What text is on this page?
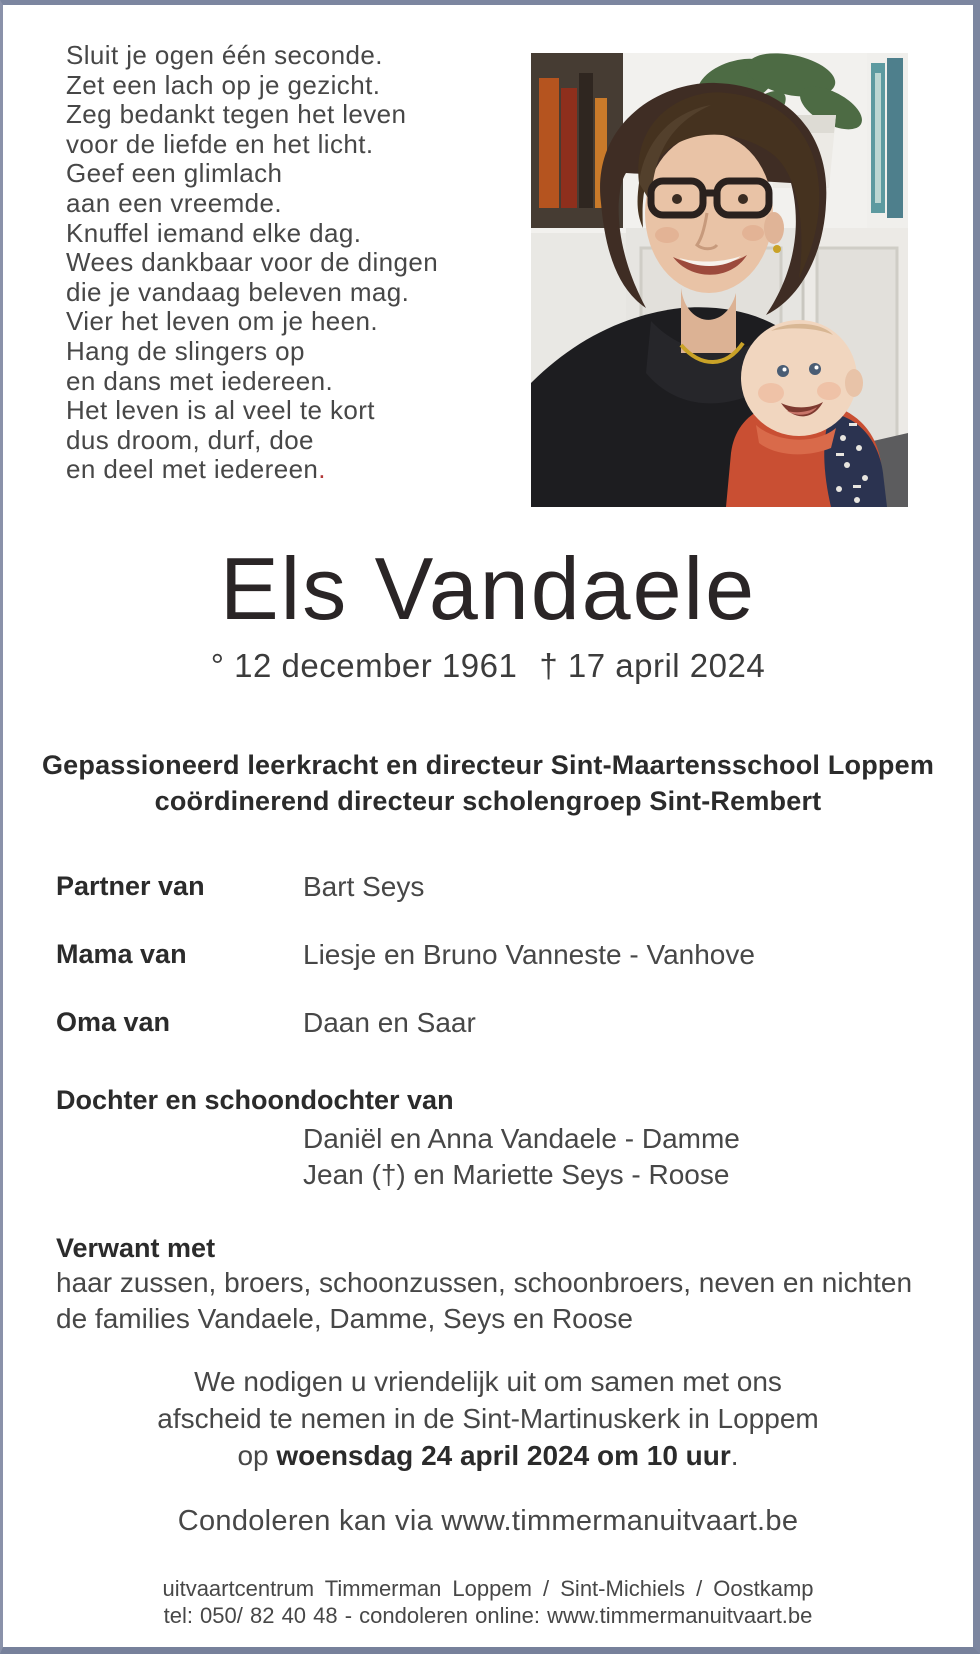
Sluit je ogen één seconde.
Zet een lach op je gezicht.
Zeg bedankt tegen het leven
voor de liefde en het licht.
Geef een glimlach
aan een vreemde.
Knuffel iemand elke dag.
Wees dankbaar voor de dingen
die je vandaag beleven mag.
Vier het leven om je heen.
Hang de slingers op
en dans met iedereen.
Het leven is al veel te kort
dus droom, durf, doe
en deel met iedereen.
Els Vandaele
° 12 december 1961 † 17 april 2024
Gepassioneerd leerkracht en directeur Sint-Maartensschool Loppem
coördinerend directeur scholengroep Sint-Rembert
Partner van	Bart Seys
Mama van	Liesje en Bruno Vanneste - Vanhove
Oma van	Daan en Saar
Dochter en schoondochter van
Daniël en Anna Vandaele - Damme
Jean (†) en Mariette Seys - Roose
Verwant met
haar zussen, broers, schoonzussen, schoonbroers, neven en nichten
de families Vandaele, Damme, Seys en Roose
We nodigen u vriendelijk uit om samen met ons
afscheid te nemen in de Sint-Martinuskerk in Loppem
op woensdag 24 april 2024 om 10 uur.
Condoleren kan via www.timmermanuitvaart.be
uitvaartcentrum Timmerman Loppem / Sint-Michiels / Oostkamp
tel: 050/ 82 40 48 - condoleren online: www.timmermanuitvaart.be
